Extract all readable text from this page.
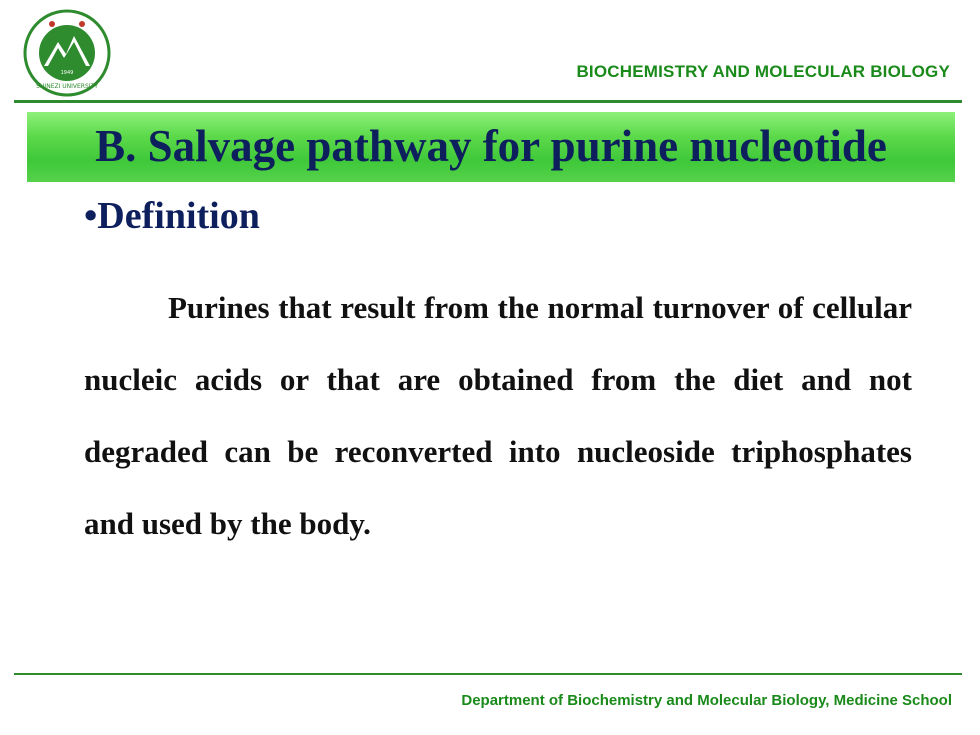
SHINEZI UNIVERSITY
1949	BIOCHEMISTRY AND MOLECULAR BIOLOGY
B. Salvage pathway for purine nucleotide
•Definition
Purines that result from the normal turnover of cellular nucleic acids or that are obtained from the diet and not degraded can be reconverted into nucleoside triphosphates and used by the body.
Department of Biochemistry and Molecular Biology, Medicine School
